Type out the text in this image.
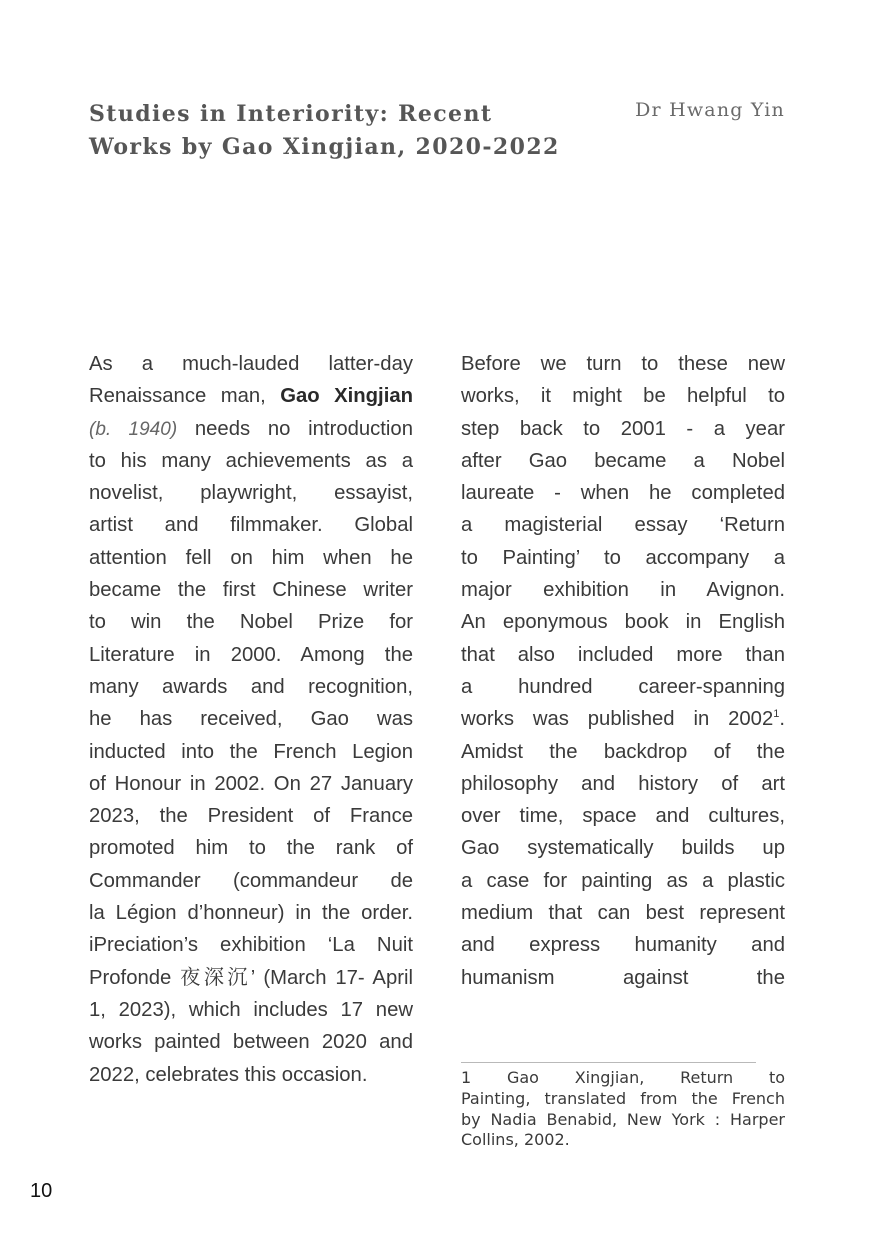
Studies in Interiority: Recent
Works by Gao Xingjian, 2020-2022
Dr Hwang Yin
As a much-lauded latter-day
Renaissance man, Gao Xingjian
(b. 1940) needs no introduction
to his many achievements as a
novelist, playwright, essayist,
artist and filmmaker. Global
attention fell on him when he
became the first Chinese writer
to win the Nobel Prize for
Literature in 2000. Among the
many awards and recognition,
he has received, Gao was
inducted into the French Legion
of Honour in 2002. On 27 January
2023, the President of France
promoted him to the rank of
Commander (commandeur de
la Légion d’honneur) in the order.
iPreciation’s exhibition ‘La Nuit
Profonde 夜深沉’ (March 17- April
1, 2023), which includes 17 new
works painted between 2020 and
2022, celebrates this occasion.
Before we turn to these new
works, it might be helpful to
step back to 2001 - a year
after Gao became a Nobel
laureate - when he completed
a magisterial essay ‘Return
to Painting’ to accompany a
major exhibition in Avignon.
An eponymous book in English
that also included more than
a hundred career-spanning
works was published in 2002$^1$.
Amidst the backdrop of the
philosophy and history of art
over time, space and cultures,
Gao systematically builds up
a case for painting as a plastic
medium that can best represent
and express humanity and
humanism against the
1 Gao Xingjian, Return to
Painting, translated from the French
by Nadia Benabid, New York : Harper
Collins, 2002.
10
